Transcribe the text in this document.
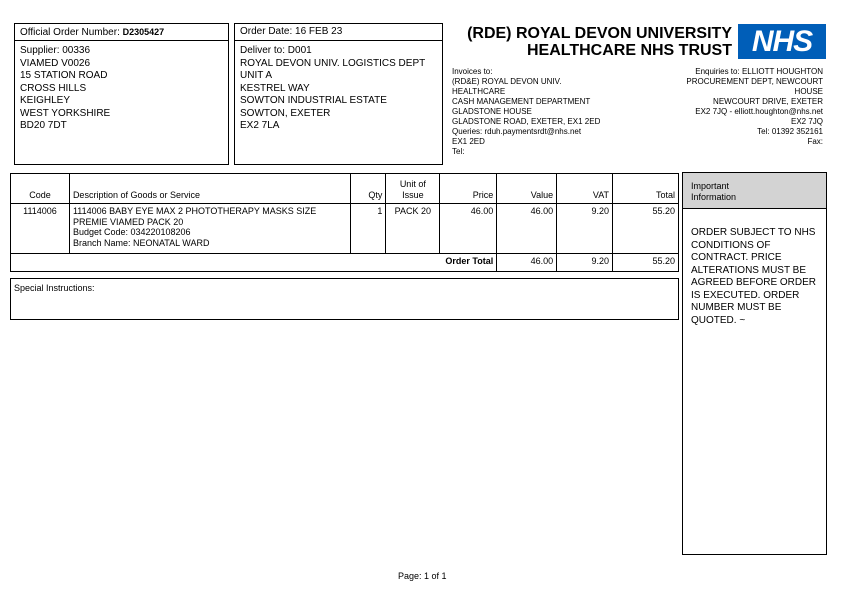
Official Order Number: D2305427
Supplier: 00336
VIAMED V0026
15 STATION ROAD
CROSS HILLS
KEIGHLEY
WEST YORKSHIRE
BD20 7DT
Order Date: 16 FEB 23
Deliver to: D001
ROYAL DEVON UNIV. LOGISTICS DEPT
UNIT A
KESTREL WAY
SOWTON INDUSTRIAL ESTATE
SOWTON, EXETER
EX2 7LA
(RDE) ROYAL DEVON UNIVERSITY
HEALTHCARE NHS TRUST NHS
Invoices to:
(RD&E) ROYAL DEVON UNIV.
HEALTHCARE
CASH MANAGEMENT DEPARTMENT
GLADSTONE HOUSE
GLADSTONE ROAD, EXETER, EX1 2ED
Queries: rduh.paymentsrdt@nhs.net
EX1 2ED
Tel:
Enquiries to: ELLIOTT HOUGHTON
PROCUREMENT DEPT, NEWCOURT
HOUSE
NEWCOURT DRIVE, EXETER
EX2 7JQ - elliott.houghton@nhs.net
EX2 7JQ
Tel: 01392 352161
Fax:
Code	Description of Goods or Service	Qty	Unit of
Issue	Price	Value	VAT	Total
1114006	1114006 BABY EYE MAX 2 PHOTOTHERAPY MASKS SIZE
PREMIE VIAMED PACK 20
Budget Code: 034220108206
Branch Name: NEONATAL WARD	1	PACK 20	46.00	46.00	9.20	55.20
Order Total					46.00	9.20	55.20
Special Instructions:
Important
Information
ORDER SUBJECT TO NHS
CONDITIONS OF
CONTRACT. PRICE
ALTERATIONS MUST BE
AGREED BEFORE ORDER
IS EXECUTED. ORDER
NUMBER MUST BE
QUOTED. ~
Page: 1 of 1
